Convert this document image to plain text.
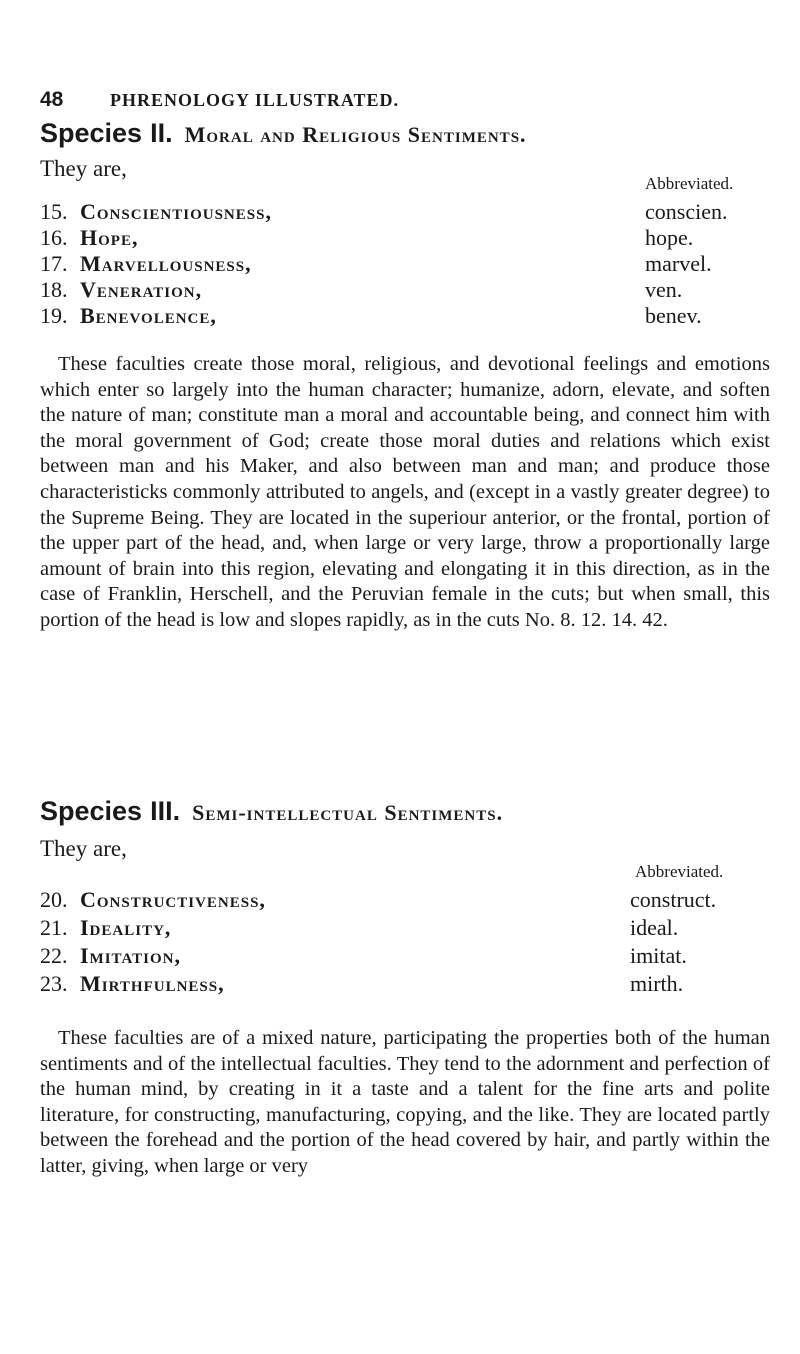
48	PHRENOLOGY ILLUSTRATED.
Species II. Moral and Religious Sentiments.
They are,
Abbreviated.
15. Conscientiousness,	conscien.
16. Hope,	hope.
17. Marvellousness,	marvel.
18. Veneration,	ven.
19. Benevolence,	benev.

These faculties create those moral, religious, and devotional feelings and emotions which enter so largely into the human character; humanize, adorn, elevate, and soften the nature of man; constitute man a moral and accountable being, and connect him with the moral government of God; create those moral duties and relations which exist between man and his Maker, and also between man and man; and produce those characteristicks commonly attributed to angels, and (except in a vastly greater degree) to the Supreme Being. They are located in the superiour anterior, or the frontal, portion of the upper part of the head, and, when large or very large, throw a proportionally large amount of brain into this region, elevating and elongating it in this direction, as in the case of Franklin, Herschell, and the Peruvian female in the cuts; but when small, this portion of the head is low and slopes rapidly, as in the cuts No. 8. 12. 14. 42.

Species III. Semi-intellectual Sentiments.
They are,
Abbreviated.
20. Constructiveness,	construct.
21. Ideality,	ideal.
22. Imitation,	imitat.
23. Mirthfulness,	mirth.

These faculties are of a mixed nature, participating the properties both of the human sentiments and of the intellectual faculties. They tend to the adornment and perfection of the human mind, by creating in it a taste and a talent for the fine arts and polite literature, for constructing, manufacturing, copying, and the like. They are located partly between the forehead and the portion of the head covered by hair, and partly within the latter, giving, when large or very
